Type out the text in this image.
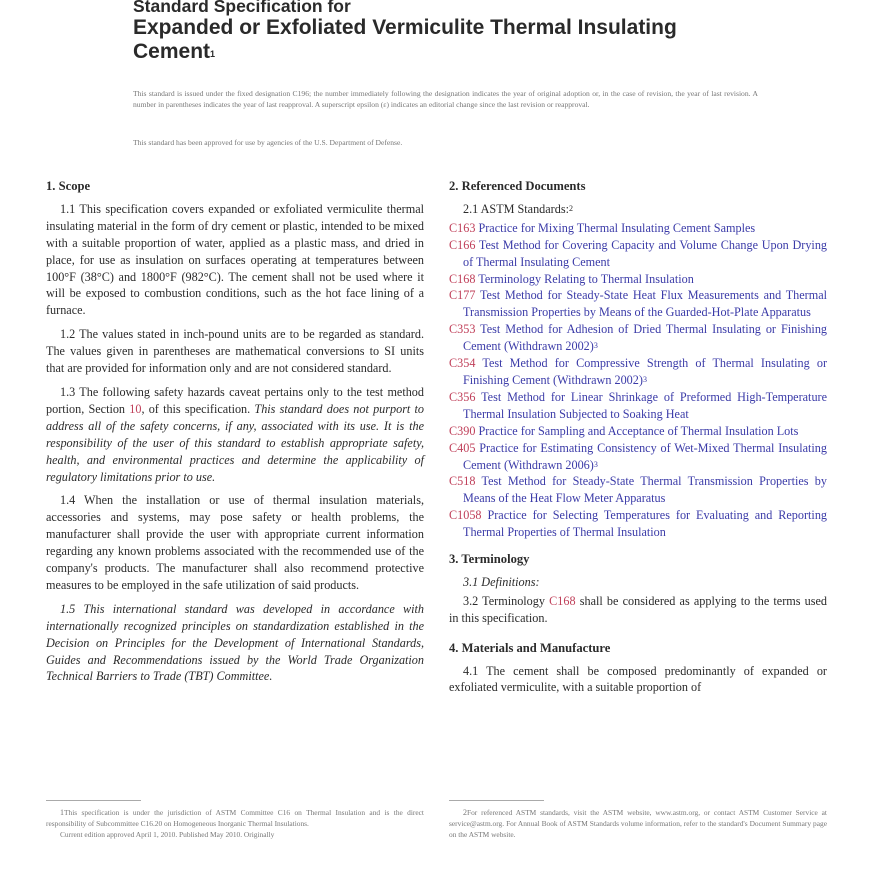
Standard Specification for
Expanded or Exfoliated Vermiculite Thermal Insulating
Cement$^1$
This standard is issued under the fixed designation C196; the number immediately following the designation indicates the year of original adoption or, in the case of revision, the year of last revision. A number in parentheses indicates the year of last reapproval. A superscript epsilon (ε) indicates an editorial change since the last revision or reapproval.
This standard has been approved for use by agencies of the U.S. Department of Defense.
1. Scope
1.1 This specification covers expanded or exfoliated vermiculite thermal insulating material in the form of dry cement or plastic, intended to be mixed with a suitable proportion of water, applied as a plastic mass, and dried in place, for use as insulation on surfaces operating at temperatures between 100°F (38°C) and 1800°F (982°C). The cement shall not be used where it will be exposed to combustion conditions, such as the hot face lining of a furnace.
1.2 The values stated in inch-pound units are to be regarded as standard. The values given in parentheses are mathematical conversions to SI units that are provided for information only and are not considered standard.
1.3 The following safety hazards caveat pertains only to the test method portion, Section 10, of this specification. This standard does not purport to address all of the safety concerns, if any, associated with its use. It is the responsibility of the user of this standard to establish appropriate safety, health, and environmental practices and determine the applicability of regulatory limitations prior to use.
1.4 When the installation or use of thermal insulation materials, accessories and systems, may pose safety or health problems, the manufacturer shall provide the user with appropriate current information regarding any known problems associated with the recommended use of the company's products. The manufacturer shall also recommend protective measures to be employed in the safe utilization of said products.
1.5 This international standard was developed in accordance with internationally recognized principles on standardization established in the Decision on Principles for the Development of International Standards, Guides and Recommendations issued by the World Trade Organization Technical Barriers to Trade (TBT) Committee.
2. Referenced Documents
2.1 ASTM Standards:$^2$
C163 Practice for Mixing Thermal Insulating Cement Samples
C166 Test Method for Covering Capacity and Volume Change Upon Drying of Thermal Insulating Cement
C168 Terminology Relating to Thermal Insulation
C177 Test Method for Steady-State Heat Flux Measurements and Thermal Transmission Properties by Means of the Guarded-Hot-Plate Apparatus
C353 Test Method for Adhesion of Dried Thermal Insulating or Finishing Cement (Withdrawn 2002)$^3$
C354 Test Method for Compressive Strength of Thermal Insulating or Finishing Cement (Withdrawn 2002)$^3$
C356 Test Method for Linear Shrinkage of Preformed High-Temperature Thermal Insulation Subjected to Soaking Heat
C390 Practice for Sampling and Acceptance of Thermal Insulation Lots
C405 Practice for Estimating Consistency of Wet-Mixed Thermal Insulating Cement (Withdrawn 2006)$^3$
C518 Test Method for Steady-State Thermal Transmission Properties by Means of the Heat Flow Meter Apparatus
C1058 Practice for Selecting Temperatures for Evaluating and Reporting Thermal Properties of Thermal Insulation
3. Terminology
3.1 Definitions:
3.2 Terminology C168 shall be considered as applying to the terms used in this specification.
4. Materials and Manufacture
4.1 The cement shall be composed predominantly of expanded or exfoliated vermiculite, with a suitable proportion of

1This specification is under the jurisdiction of ASTM Committee C16 on Thermal Insulation and is the direct responsibility of Subcommittee C16.20 on Homogeneous Inorganic Thermal Insulations.

Current edition approved April 1, 2010. Published May 2010. Originally

2For referenced ASTM standards, visit the ASTM website, www.astm.org, or contact ASTM Customer Service at service@astm.org. For Annual Book of ASTM Standards volume information, refer to the standard's Document Summary page on the ASTM website.
